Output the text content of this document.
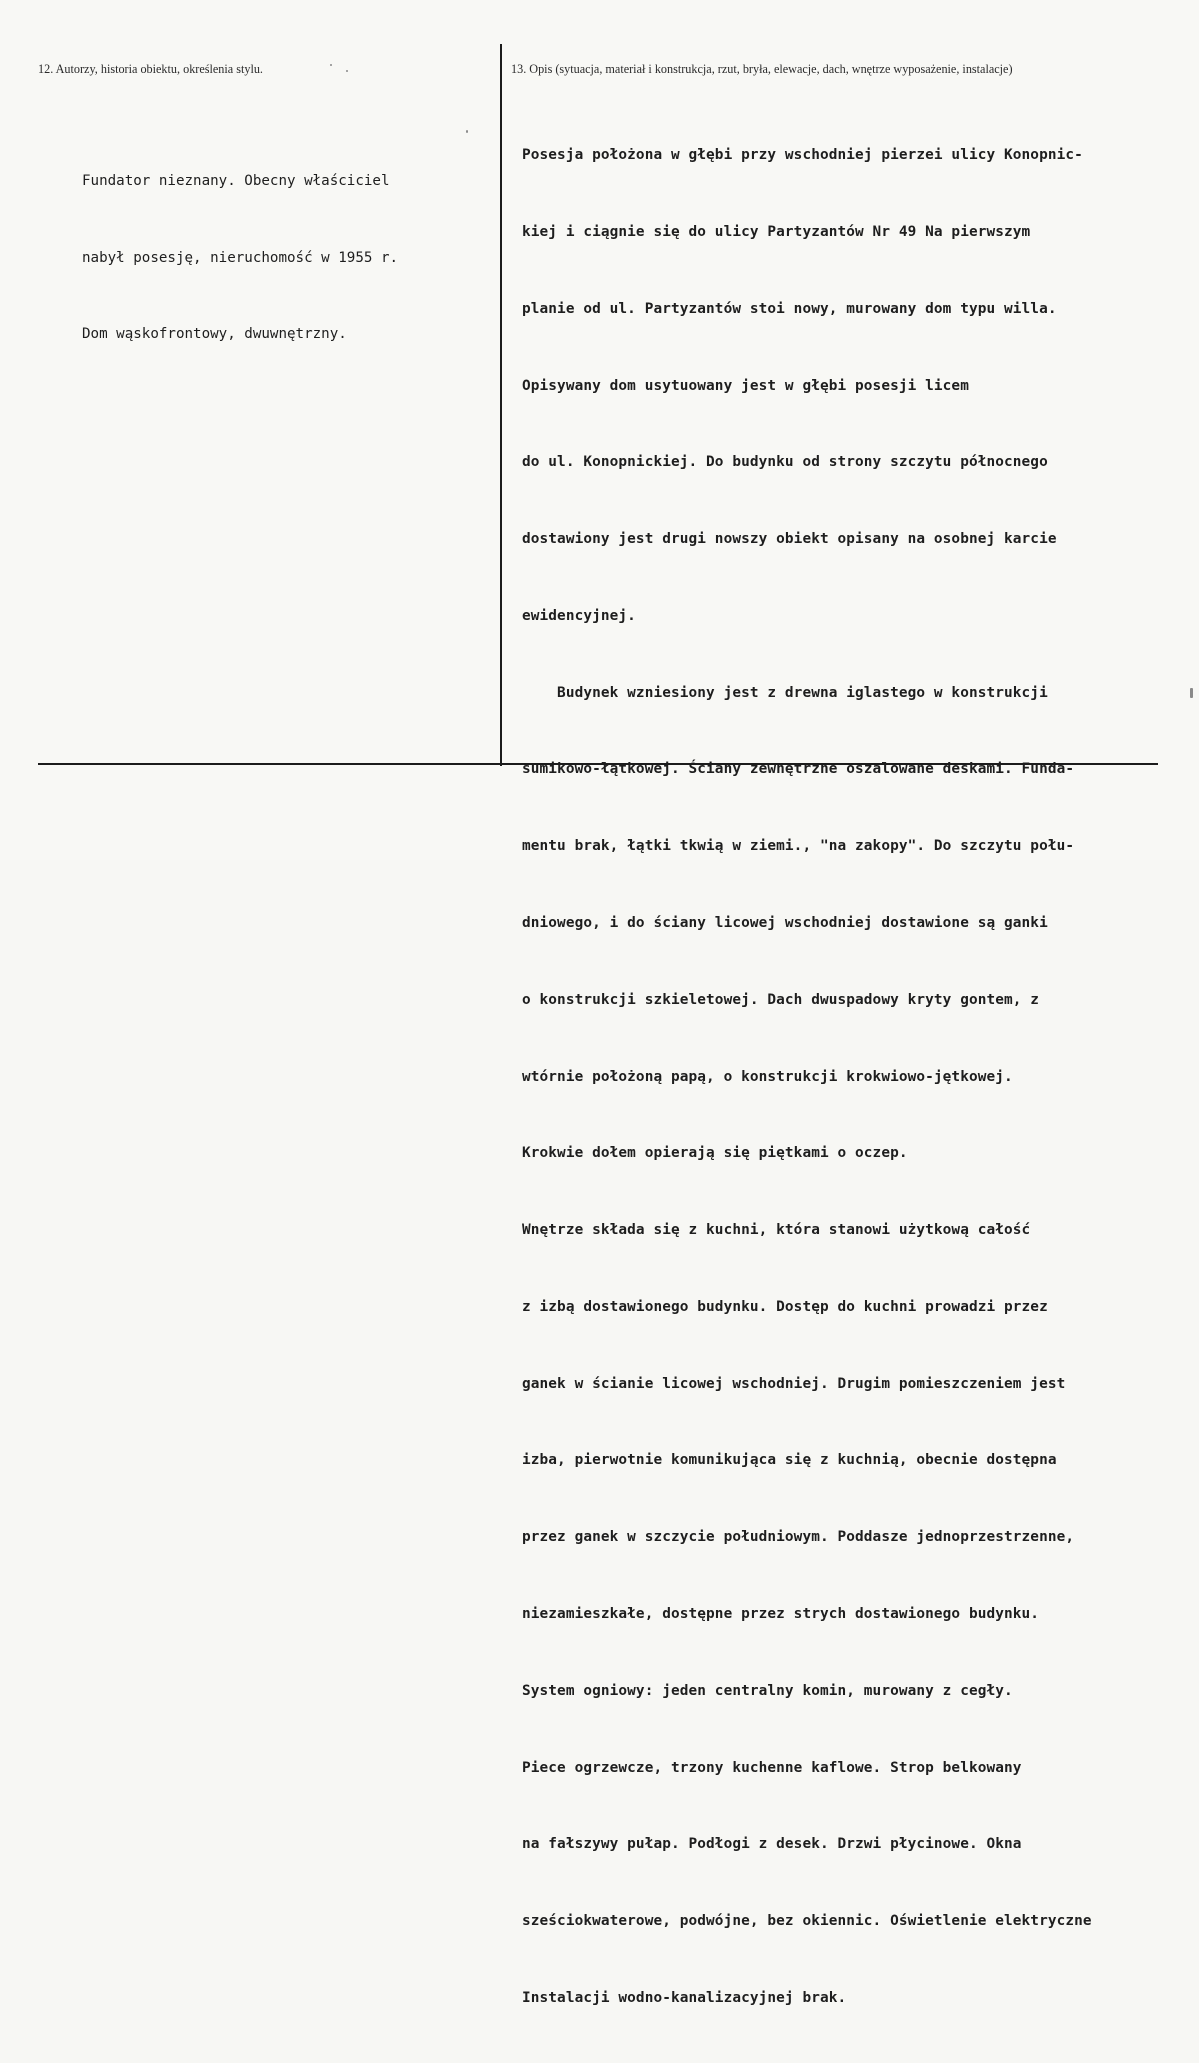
12. Autorzy, historia obiektu, określenia stylu.	13. Opis (sytuacja, materiał i konstrukcja, rzut, bryła, elewacje, dach, wnętrze wyposażenie, instalacje)

Fundator nieznany. Obecny właściciel

nabył posesję, nieruchomość w 1955 r.

Dom wąskofrontowy, dwuwnętrzny.

Posesja położona w głębi przy wschodniej pierzei ulicy Konopnic-

kiej i ciągnie się do ulicy Partyzantów Nr 49 Na pierwszym

planie od ul. Partyzantów stoi nowy, murowany dom typu willa.

Opisywany dom usytuowany jest w głębi posesji licem

do ul. Konopnickiej. Do budynku od strony szczytu północnego

dostawiony jest drugi nowszy obiekt opisany na osobnej karcie

ewidencyjnej.

Budynek wzniesiony jest z drewna iglastego w konstrukcji

sumikowo-łątkowej. Ściany zewnętrzne oszalowane deskami. Funda-

mentu brak, łątki tkwią w ziemi., "na zakopy". Do szczytu połu-

dniowego, i do ściany licowej wschodniej dostawione są ganki

o konstrukcji szkieletowej. Dach dwuspadowy kryty gontem, z

wtórnie położoną papą, o konstrukcji krokwiowo-jętkowej.

Krokwie dołem opierają się piętkami o oczep.

Wnętrze składa się z kuchni, która stanowi użytkową całość

z izbą dostawionego budynku. Dostęp do kuchni prowadzi przez

ganek w ścianie licowej wschodniej. Drugim pomieszczeniem jest

izba, pierwotnie komunikująca się z kuchnią, obecnie dostępna

przez ganek w szczycie południowym. Poddasze jednoprzestrzenne,

niezamieszkałe, dostępne przez strych dostawionego budynku.

System ogniowy: jeden centralny komin, murowany z cegły.

Piece ogrzewcze, trzony kuchenne kaflowe. Strop belkowany

na fałszywy pułap. Podłogi z desek. Drzwi płycinowe. Okna

sześciokwaterowe, podwójne, bez okiennic. Oświetlenie elektryczne

Instalacji wodno-kanalizacyjnej brak.
